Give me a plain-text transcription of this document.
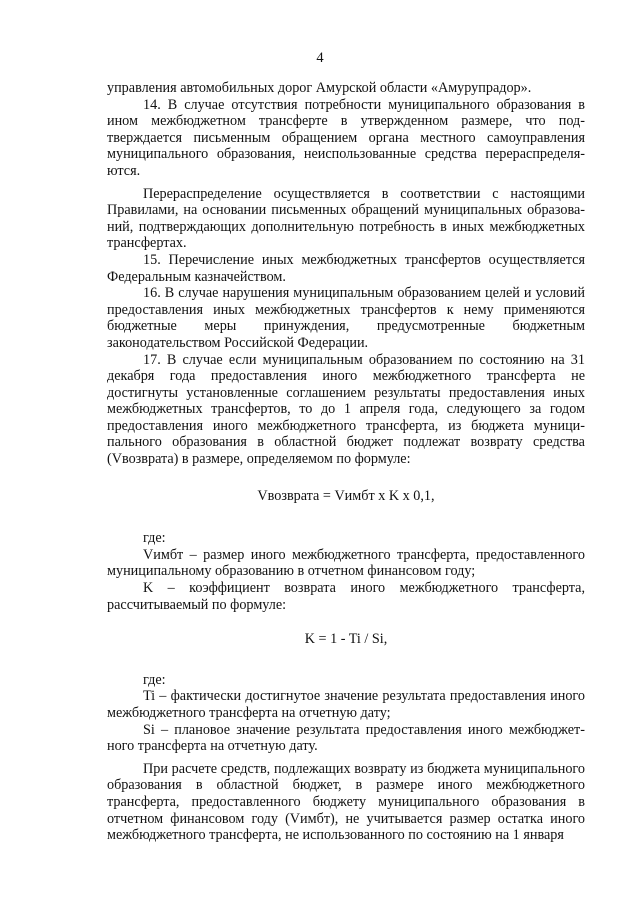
4

управления автомобильных дорог Амурской области «Амурупрадор».

14. В случае отсутствия потребности муниципального образования в ином межбюджетном трансферте в утвержденном размере, что подтверждается письменным обращением органа местного самоуправления муниципального образования, неиспользованные средства перераспределяются.

Перераспределение осуществляется в соответствии с настоящими Правилами, на основании письменных обращений муниципальных образований, подтверждающих дополнительную потребность в иных межбюджетных трансфертах.

15. Перечисление иных межбюджетных трансфертов осуществляется Федеральным казначейством.

16. В случае нарушения муниципальным образованием целей и условий предоставления иных межбюджетных трансфертов к нему применяются бюджетные меры принуждения, предусмотренные бюджетным законодательством Российской Федерации.

17. В случае если муниципальным образованием по состоянию на 31 декабря года предоставления иного межбюджетного трансферта не достигнуты установленные соглашением результаты предоставления иных межбюджетных трансфертов, то до 1 апреля года, следующего за годом предоставления иного межбюджетного трансферта, из бюджета муниципального образования в областной бюджет подлежат возврату средства (Vвозврата) в размере, определяемом по формуле:

Vвозврата = Vимбт x K x 0,1,

где:

Vимбт – размер иного межбюджетного трансферта, предоставленного муниципальному образованию в отчетном финансовом году;

K – коэффициент возврата иного межбюджетного трансферта, рассчитываемый по формуле:

K = 1 - Ti / Si,

где:

Ti – фактически достигнутое значение результата предоставления иного межбюджетного трансферта на отчетную дату;

Si – плановое значение результата предоставления иного межбюджетного трансферта на отчетную дату.

При расчете средств, подлежащих возврату из бюджета муниципального образования в областной бюджет, в размере иного межбюджетного трансферта, предоставленного бюджету муниципального образования в отчетном финансовом году (Vимбт), не учитывается размер остатка иного межбюджетного трансферта, не использованного по состоянию на 1 января
